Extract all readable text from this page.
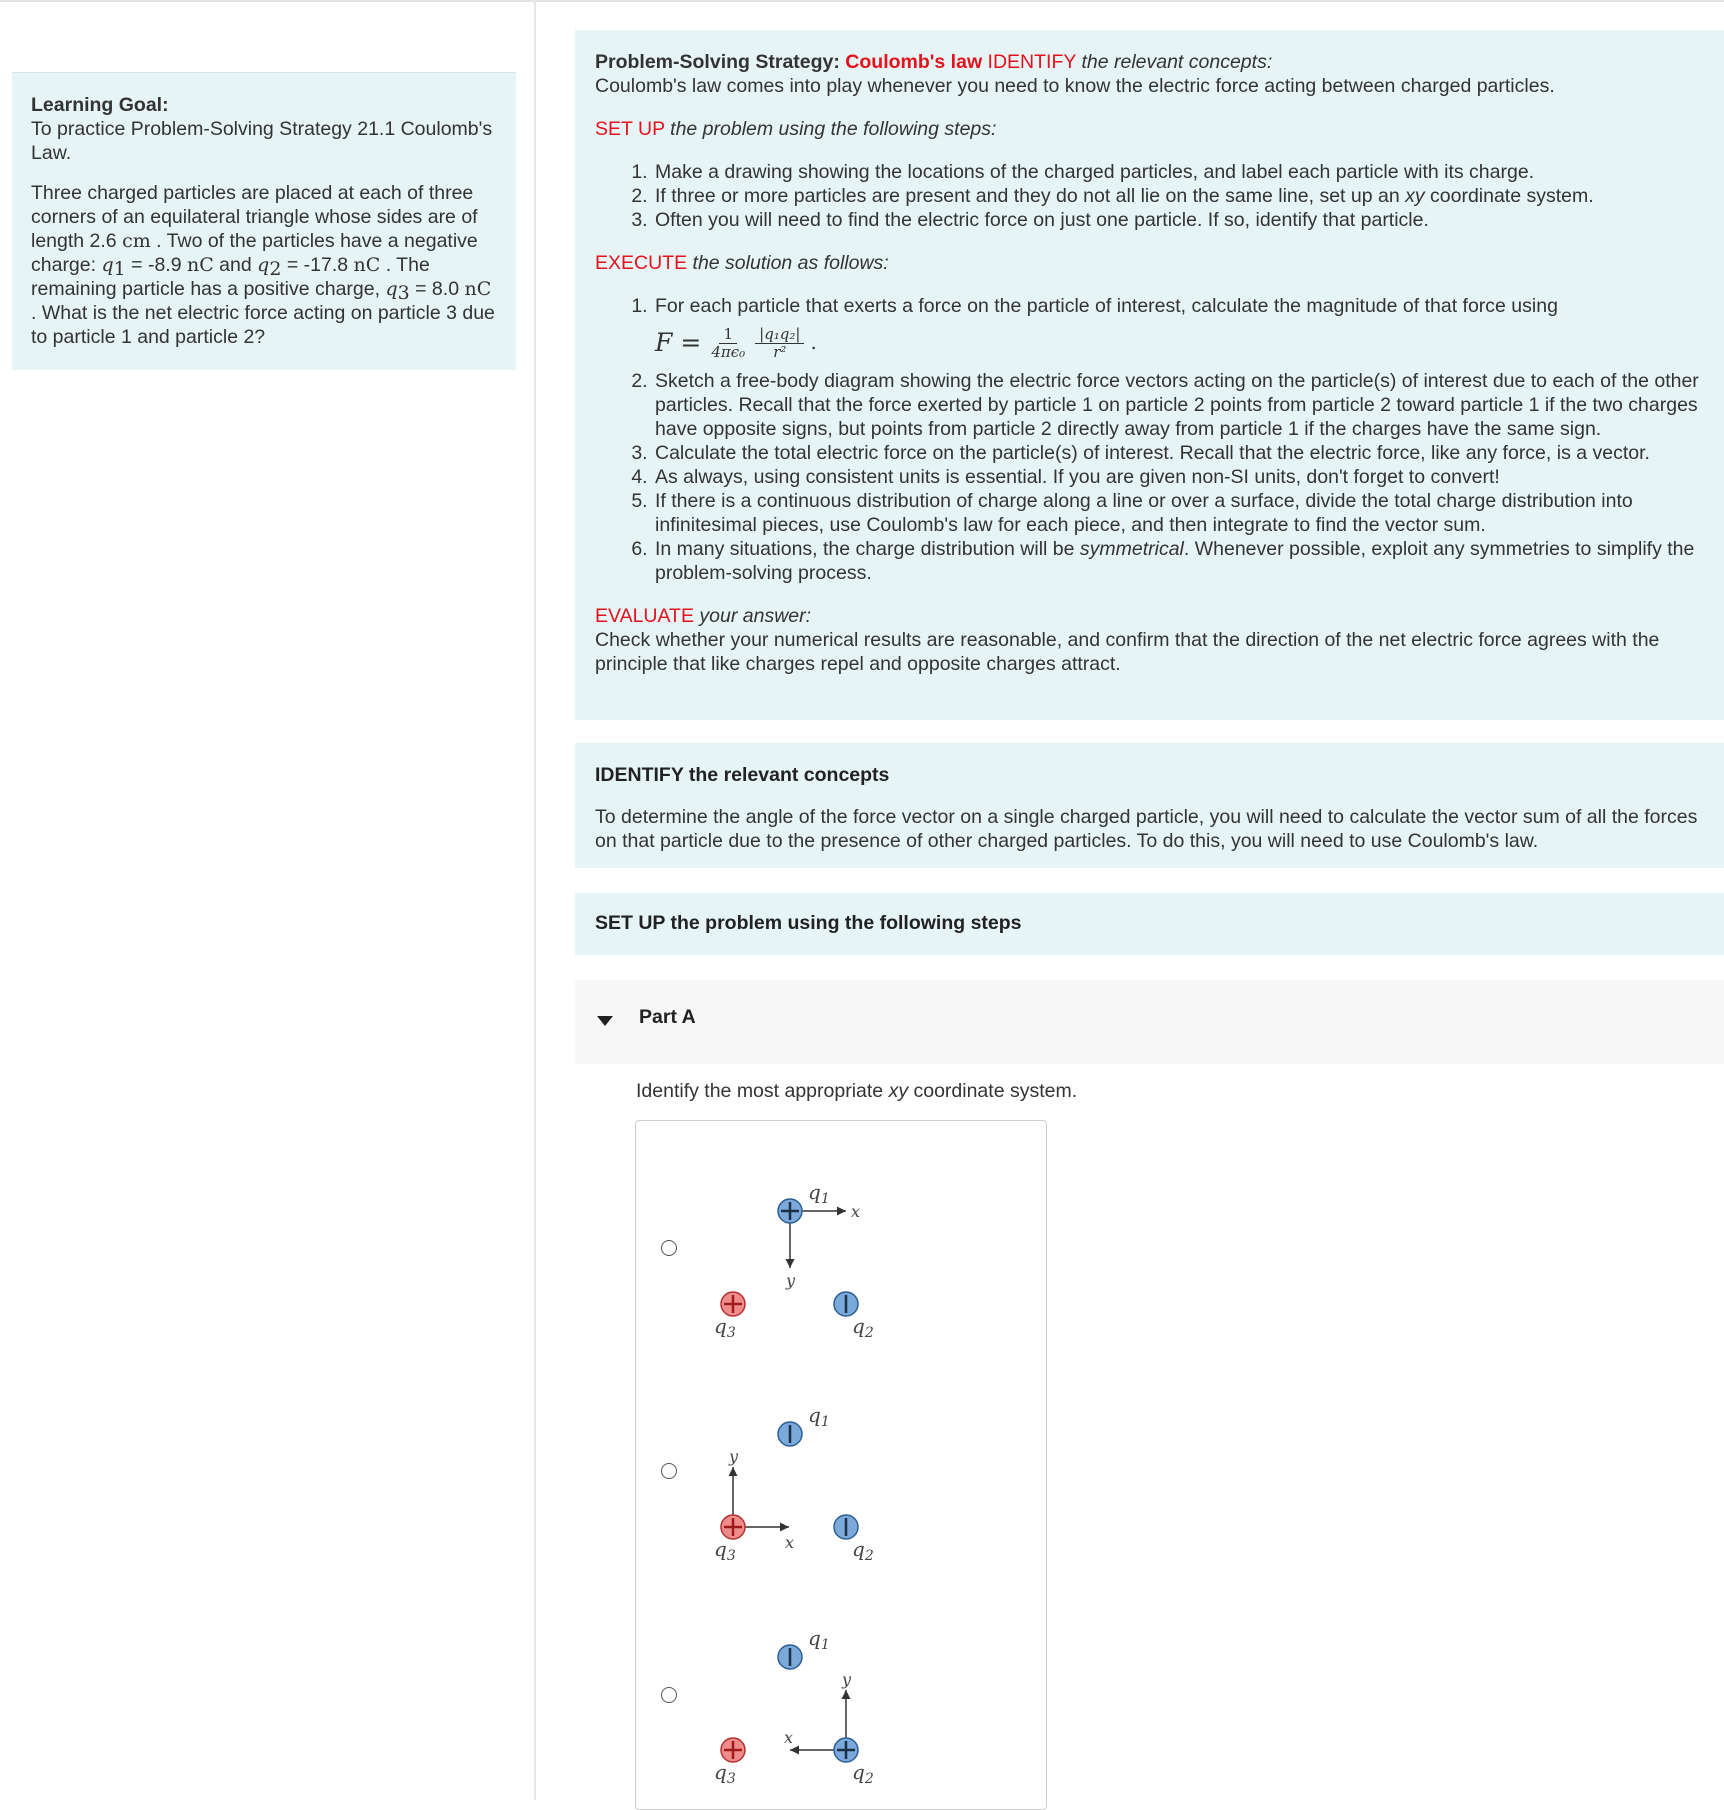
Learning Goal:

To practice Problem-Solving Strategy 21.1 Coulomb's Law.

Three charged particles are placed at each of three corners of an equilateral triangle whose sides are of length 2.6 cm . Two of the particles have a negative charge: $q_1 = -8.9$ nC and $q_2 = -17.8$ nC . The remaining particle has a positive charge, $q_3 = 8.0$ nC . What is the net electric force acting on particle 3 due to particle 1 and particle 2?

Problem-Solving Strategy: Coulomb's law IDENTIFY the relevant concepts:

Coulomb's law comes into play whenever you need to know the electric force acting between charged particles.

SET UP the problem using the following steps:

1. Make a drawing showing the locations of the charged particles, and label each particle with its charge.
2. If three or more particles are present and they do not all lie on the same line, set up an xy coordinate system.
3. Often you will need to find the electric force on just one particle. If so, identify that particle.

EXECUTE the solution as follows:

1. For each particle that exerts a force on the particle of interest, calculate the magnitude of that force using
$F = \frac{1}{\text{4πϵ₀}} \frac{\text{|q₁q₂|}}{\text{r²}}$ .
2. Sketch a free-body diagram showing the electric force vectors acting on the particle(s) of interest due to each of the other particles. Recall that the force exerted by particle 1 on particle 2 points from particle 2 toward particle 1 if the two charges have opposite signs, but points from particle 2 directly away from particle 1 if the charges have the same sign.
3. Calculate the total electric force on the particle(s) of interest. Recall that the electric force, like any force, is a vector.
4. As always, using consistent units is essential. If you are given non-SI units, don't forget to convert!
5. If there is a continuous distribution of charge along a line or over a surface, divide the total charge distribution into infinitesimal pieces, use Coulomb's law for each piece, and then integrate to find the vector sum.
6. In many situations, the charge distribution will be symmetrical. Whenever possible, exploit any symmetries to simplify the problem-solving process.

EVALUATE your answer:

Check whether your numerical results are reasonable, and confirm that the direction of the net electric force agrees with the principle that like charges repel and opposite charges attract.

IDENTIFY the relevant concepts

To determine the angle of the force vector on a single charged particle, you will need to calculate the vector sum of all the forces on that particle due to the presence of other charged particles. To do this, you will need to use Coulomb's law.

SET UP the problem using the following steps
Part A
Identify the most appropriate xy coordinate system.
$q_1$
x
y
$q_3$	$q_2$
$q_1$
y
x
$q_3$	$q_2$
$q_1$
y
x
$q_3$	$q_2$
